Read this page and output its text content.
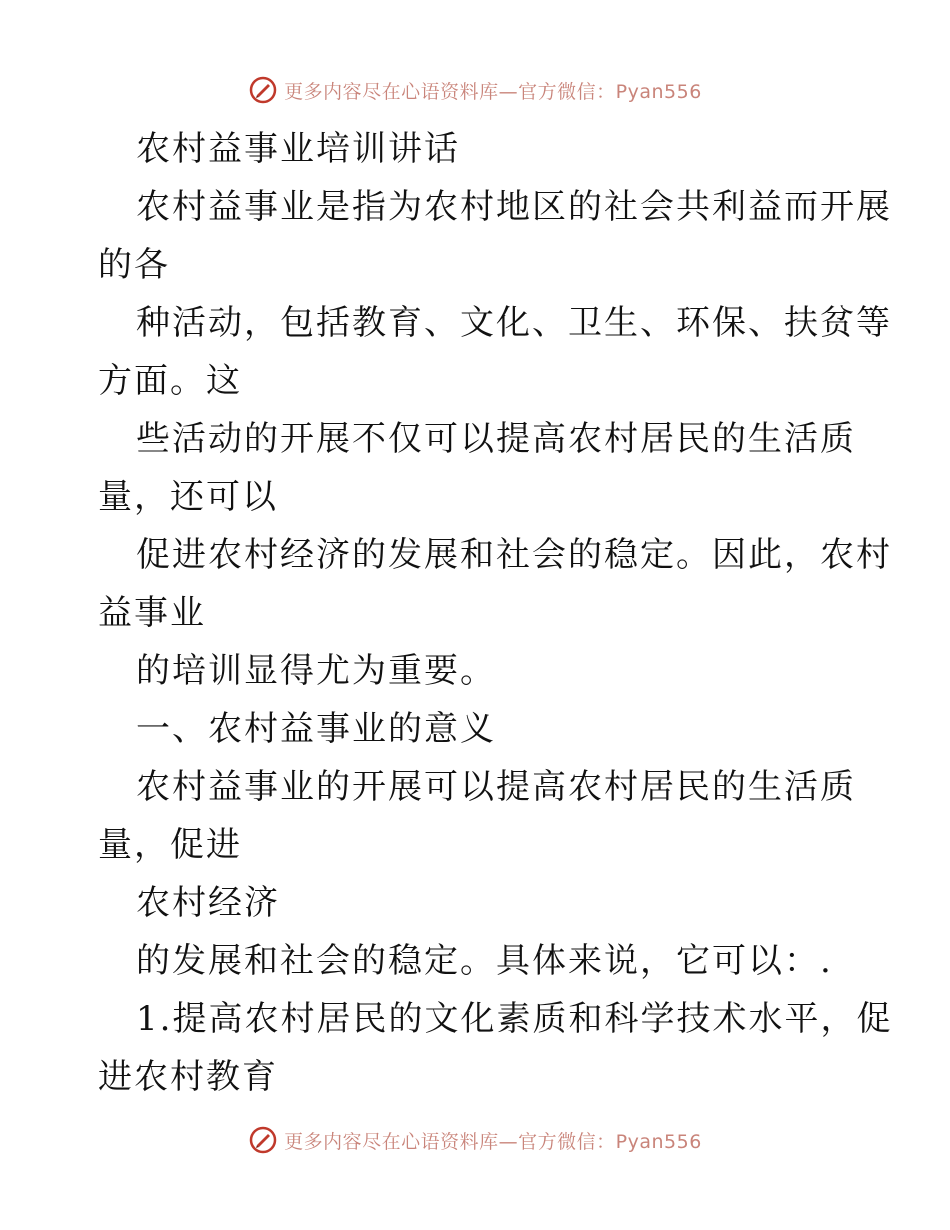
更多内容尽在心语资料库—官方微信：Pyan556
农村益事业培训讲话
农村益事业是指为农村地区的社会共利益而开展
的各
种活动，包括教育、文化、卫生、环保、扶贫等
方面。这
些活动的开展不仅可以提高农村居民的生活质
量，还可以
促进农村经济的发展和社会的稳定。因此，农村
益事业
的培训显得尤为重要。
一、农村益事业的意义
农村益事业的开展可以提高农村居民的生活质
量，促进
农村经济
的发展和社会的稳定。具体来说，它可以：.
1.提高农村居民的文化素质和科学技术水平，促
进农村教育
更多内容尽在心语资料库—官方微信：Pyan556
